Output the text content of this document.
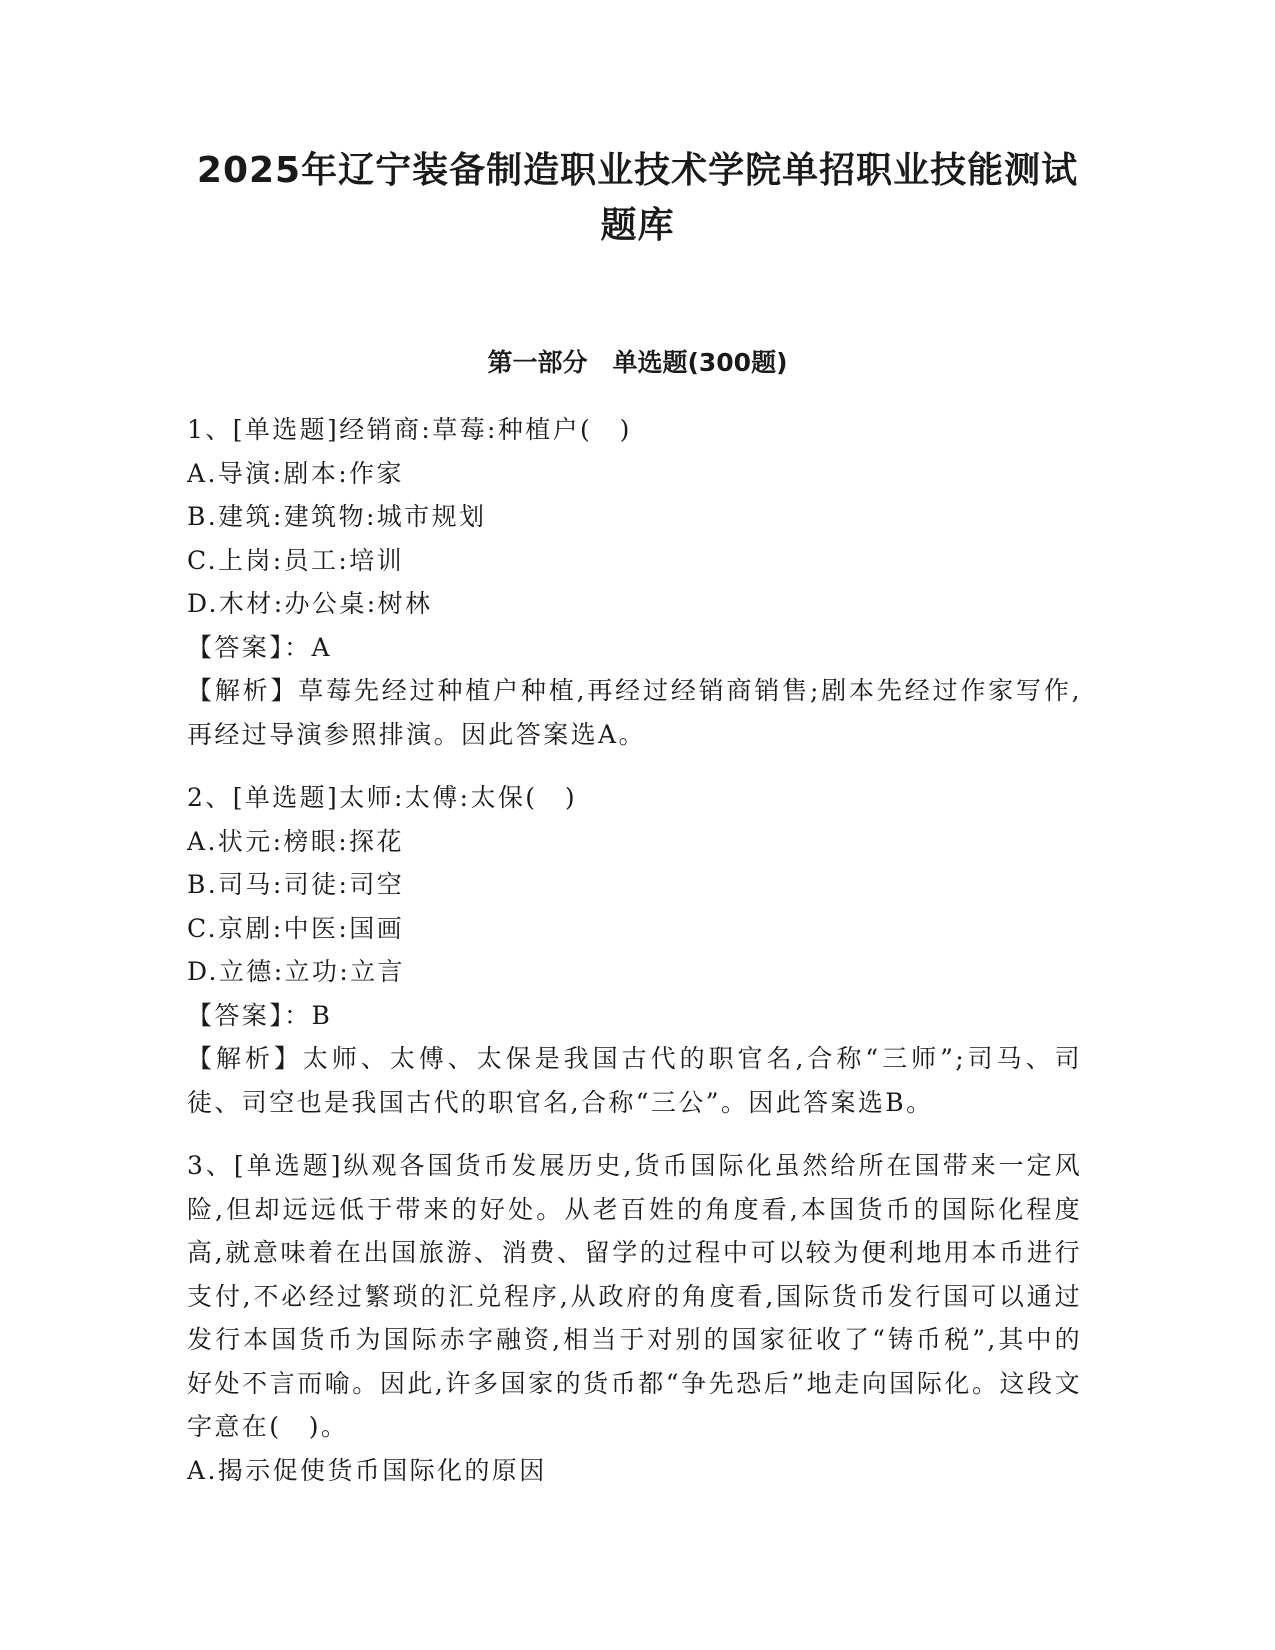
2025年辽宁装备制造职业技术学院单招职业技能测试
题库
第一部分　单选题(300题)
1、[单选题]经销商:草莓:种植户(　)
A.导演:剧本:作家
B.建筑:建筑物:城市规划
C.上岗:员工:培训
D.木材:办公桌:树林
【答案】：A
【解析】草莓先经过种植户种植,再经过经销商销售;剧本先经过作家写作,再经过导演参照排演。因此答案选A。
2、[单选题]太师:太傅:太保(　)
A.状元:榜眼:探花
B.司马:司徒:司空
C.京剧:中医:国画
D.立德:立功:立言
【答案】：B
【解析】太师、太傅、太保是我国古代的职官名,合称“三师”;司马、司徒、司空也是我国古代的职官名,合称“三公”。因此答案选B。
3、[单选题]纵观各国货币发展历史,货币国际化虽然给所在国带来一定风险,但却远远低于带来的好处。从老百姓的角度看,本国货币的国际化程度高,就意味着在出国旅游、消费、留学的过程中可以较为便利地用本币进行支付,不必经过繁琐的汇兑程序,从政府的角度看,国际货币发行国可以通过发行本国货币为国际赤字融资,相当于对别的国家征收了“铸币税”,其中的好处不言而喻。因此,许多国家的货币都“争先恐后”地走向国际化。这段文字意在(　)。
A.揭示促使货币国际化的原因
